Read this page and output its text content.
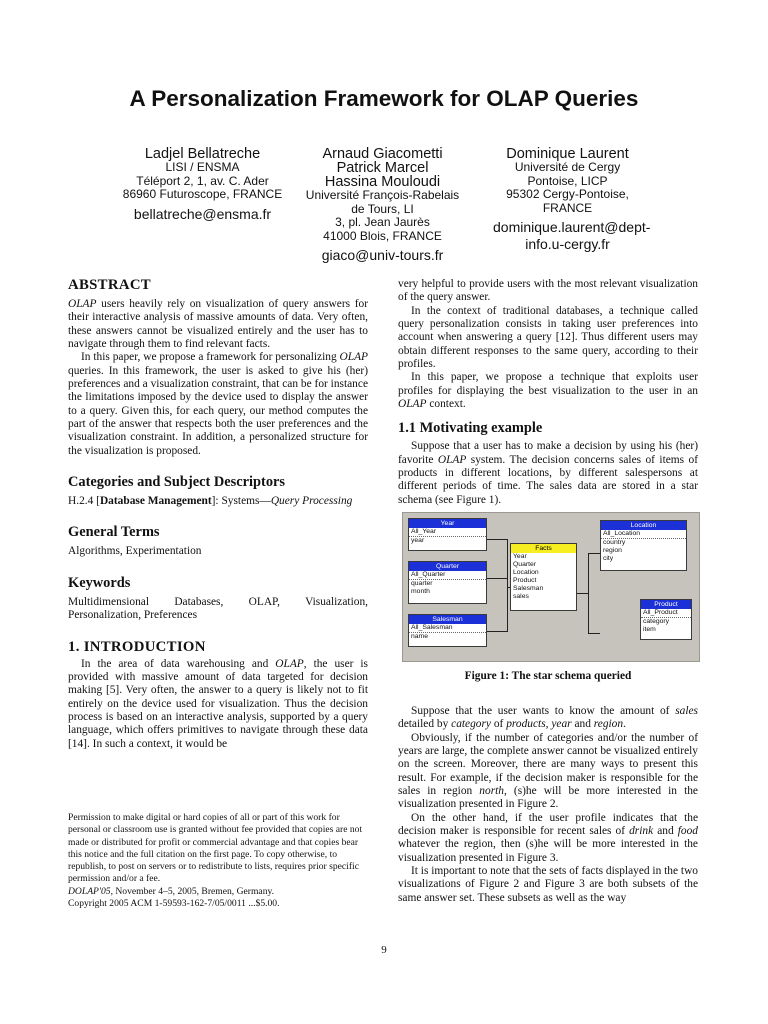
A Personalization Framework for OLAP Queries
Ladjel Bellatreche
LISI / ENSMA
Téléport 2, 1, av. C. Ader
86960 Futuroscope, FRANCE
bellatreche@ensma.fr
Arnaud Giacometti
Patrick Marcel
Hassina Mouloudi
Université François-Rabelais
de Tours, LI
3, pl. Jean Jaurès
41000 Blois, FRANCE
giaco@univ-tours.fr
Dominique Laurent
Université de Cergy
Pontoise, LICP
95302 Cergy-Pontoise,
FRANCE
dominique.laurent@dept-info.u-cergy.fr
ABSTRACT

OLAP users heavily rely on visualization of query answers for their interactive analysis of massive amounts of data. Very often, these answers cannot be visualized entirely and the user has to navigate through them to find relevant facts.

In this paper, we propose a framework for personalizing OLAP queries. In this framework, the user is asked to give his (her) preferences and a visualization constraint, that can be for instance the limitations imposed by the device used to display the answer to a query. Given this, for each query, our method computes the part of the answer that respects both the user preferences and the visualization constraint. In addition, a personalized structure for the visualization is proposed.

Categories and Subject Descriptors

H.2.4 [Database Management]: Systems—Query Processing

General Terms

Algorithms, Experimentation

Keywords

Multidimensional Databases, OLAP, Visualization, Personalization, Preferences

1. INTRODUCTION

In the area of data warehousing and OLAP, the user is provided with massive amount of data targeted for decision making [5]. Very often, the answer to a query is likely not to fit entirely on the device used for visualization. Thus the decision process is based on an interactive analysis, supported by a query language, which offers primitives to navigate through these data [14]. In such a context, it would be

Permission to make digital or hard copies of all or part of this work for personal or classroom use is granted without fee provided that copies are not made or distributed for profit or commercial advantage and that copies bear this notice and the full citation on the first page. To copy otherwise, to republish, to post on servers or to redistribute to lists, requires prior specific permission and/or a fee.
DOLAP'05, November 4–5, 2005, Bremen, Germany.
Copyright 2005 ACM 1-59593-162-7/05/0011 ...$5.00.

very helpful to provide users with the most relevant visualization of the query answer.

In the context of traditional databases, a technique called query personalization consists in taking user preferences into account when answering a query [12]. Thus different users may obtain different responses to the same query, according to their profiles.

In this paper, we propose a technique that exploits user profiles for displaying the best visualization to the user in an OLAP context.

1.1 Motivating example

Suppose that a user has to make a decision by using his (her) favorite OLAP system. The decision concerns sales of items of products in different locations, by different salespersons at different periods of time. The sales data are stored in a star schema (see Figure 1).

Year
All_Year
year
Quarter
All_Quarter
quarter
month
Salesman
All_Salesman
name
Facts
Year
Quarter
Location
Product
Salesman
sales
Location
All_Location
country
region
city
Product
All_Product
category
item
Figure 1: The star schema queried

Suppose that the user wants to know the amount of sales detailed by category of products, year and region.

Obviously, if the number of categories and/or the number of years are large, the complete answer cannot be visualized entirely on the screen. Moreover, there are many ways to present this result. For example, if the decision maker is responsible for the sales in region north, (s)he will be more interested in the visualization presented in Figure 2.

On the other hand, if the user profile indicates that the decision maker is responsible for recent sales of drink and food whatever the region, then (s)he will be more interested in the visualization presented in Figure 3.

It is important to note that the sets of facts displayed in the two visualizations of Figure 2 and Figure 3 are both subsets of the same answer set. These subsets as well as the way

9
